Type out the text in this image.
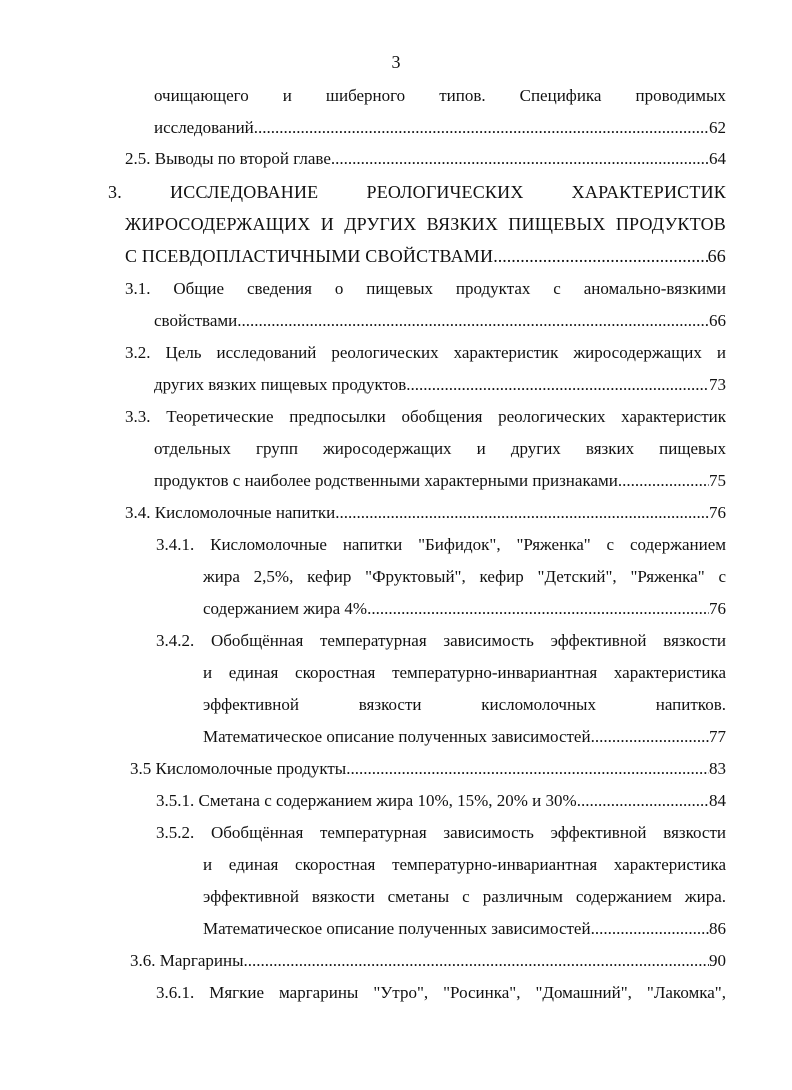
3
очищающего и шиберного типов. Специфика проводимых
исследований. .....	62
2.5. Выводы по второй главе .....	64
3.	ИССЛЕДОВАНИЕ	РЕОЛОГИЧЕСКИХ	ХАРАКТЕРИСТИК
ЖИРОСОДЕРЖАЩИХ И ДРУГИХ ВЯЗКИХ ПИЩЕВЫХ ПРОДУКТОВ
С ПСЕВДОПЛАСТИЧНЫМИ СВОЙСТВАМИ .....	66
3.1. Общие сведения о пищевых продуктах с аномально-вязкими
свойствами .....	66
3.2. Цель исследований реологических характеристик жиросодержащих и
других вязких пищевых продуктов .....	73
3.3. Теоретические предпосылки обобщения реологических характеристик
отдельных групп жиросодержащих и других вязких пищевых
продуктов с наиболее родственными характерными признаками .....	75
3.4. Кисломолочные напитки .....	76
3.4.1. Кисломолочные напитки "Бифидок", "Ряженка" с содержанием
жира 2,5%, кефир "Фруктовый", кефир "Детский", "Ряженка" с
содержанием жира 4%. .....	76
3.4.2. Обобщённая температурная зависимость эффективной вязкости
и единая скоростная температурно-инвариантная характеристика
эффективной	вязкости	кисломолочных	напитков.
Математическое описание полученных зависимостей .....	77
3.5 Кисломолочные продукты .....	83
3.5.1. Сметана с содержанием жира 10%, 15%, 20% и 30% .....	84
3.5.2. Обобщённая температурная зависимость эффективной вязкости
и единая скоростная температурно-инвариантная характеристика
эффективной вязкости сметаны с различным содержанием жира.
Математическое описание полученных зависимостей .....	86
3.6. Маргарины .....	90
3.6.1. Мягкие маргарины "Утро", "Росинка", "Домашний", "Лакомка",
